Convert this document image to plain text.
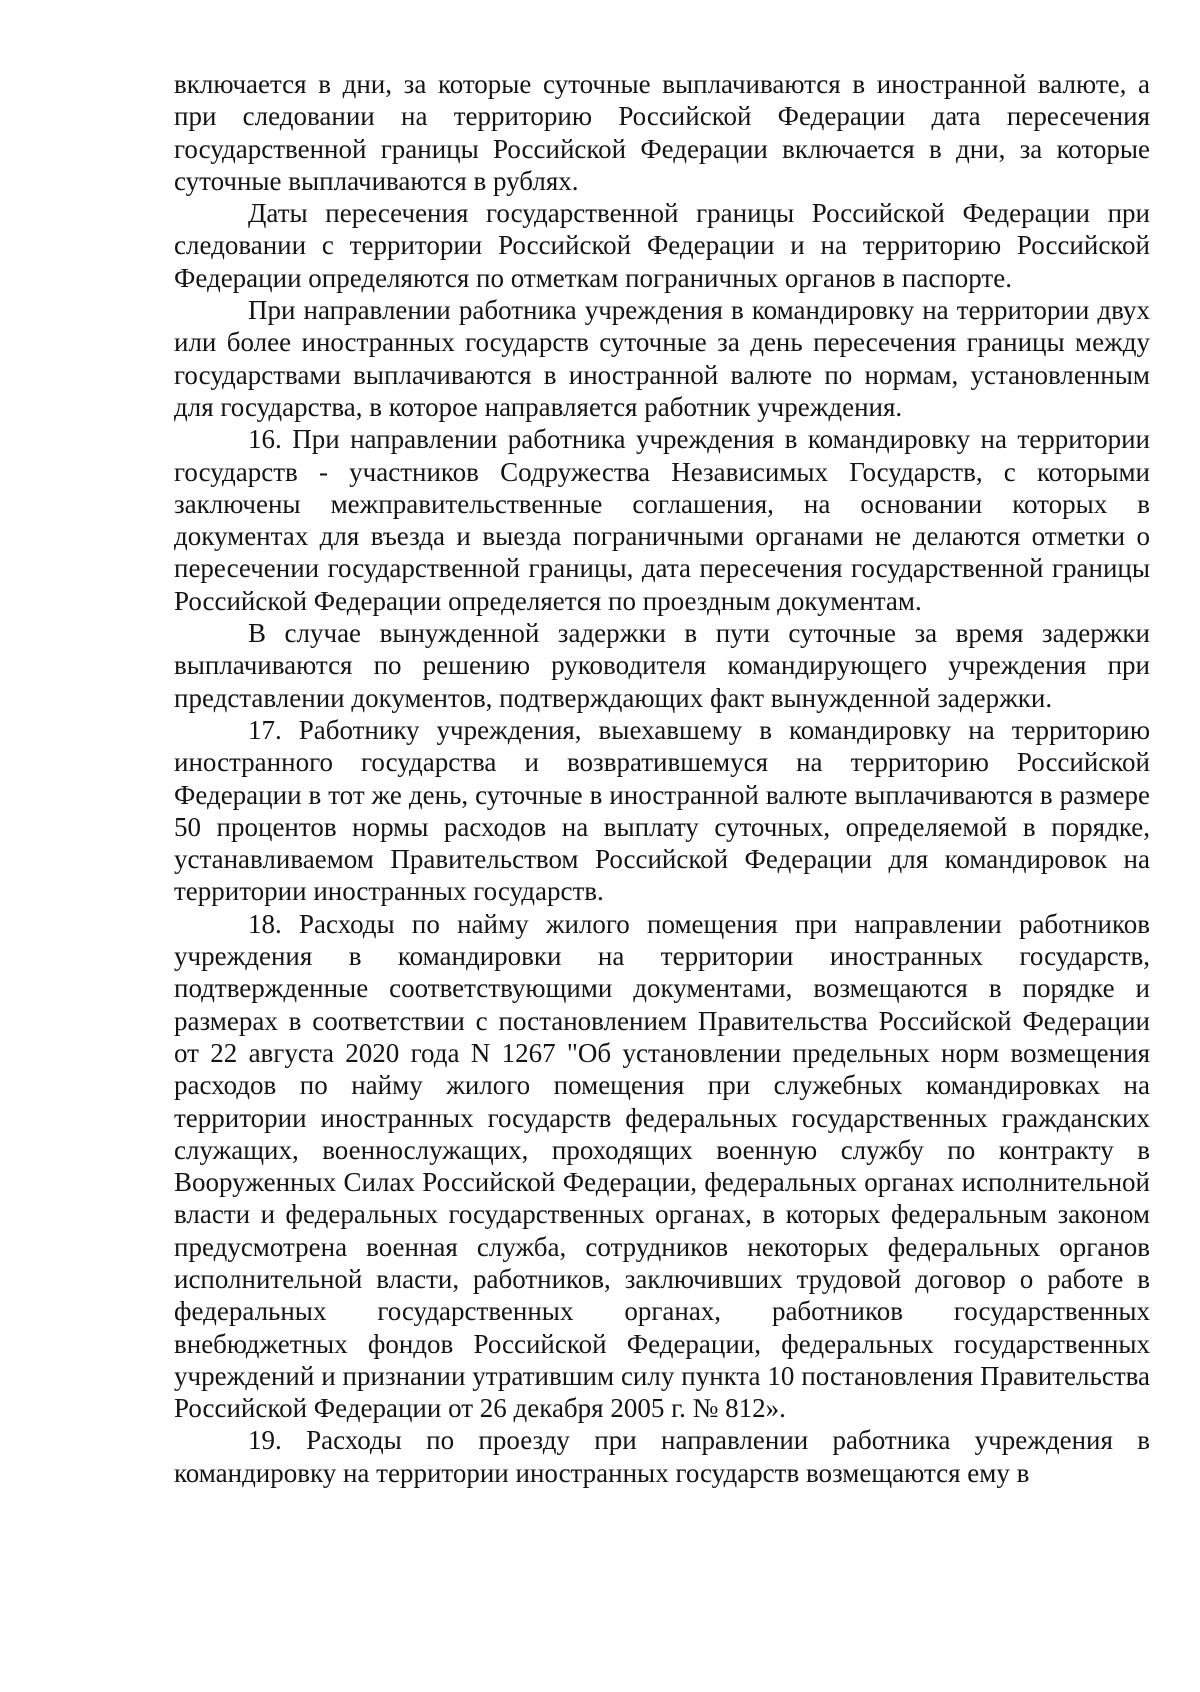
включается в дни, за которые суточные выплачиваются в иностранной валюте, а при следовании на территорию Российской Федерации дата пересечения государственной границы Российской Федерации включается в дни, за которые суточные выплачиваются в рублях.

Даты пересечения государственной границы Российской Федерации при следовании с территории Российской Федерации и на территорию Российской Федерации определяются по отметкам пограничных органов в паспорте.

При направлении работника учреждения в командировку на территории двух или более иностранных государств суточные за день пересечения границы между государствами выплачиваются в иностранной валюте по нормам, установленным для государства, в которое направляется работник учреждения.

16. При направлении работника учреждения в командировку на территории государств - участников Содружества Независимых Государств, с которыми заключены межправительственные соглашения, на основании которых в документах для въезда и выезда пограничными органами не делаются отметки о пересечении государственной границы, дата пересечения государственной границы Российской Федерации определяется по проездным документам.

В случае вынужденной задержки в пути суточные за время задержки выплачиваются по решению руководителя командирующего учреждения при представлении документов, подтверждающих факт вынужденной задержки.

17. Работнику учреждения, выехавшему в командировку на территорию иностранного государства и возвратившемуся на территорию Российской Федерации в тот же день, суточные в иностранной валюте выплачиваются в размере 50 процентов нормы расходов на выплату суточных, определяемой в порядке, устанавливаемом Правительством Российской Федерации для командировок на территории иностранных государств.

18. Расходы по найму жилого помещения при направлении работников учреждения в командировки на территории иностранных государств, подтвержденные соответствующими документами, возмещаются в порядке и размерах в соответствии с постановлением Правительства Российской Федерации от 22 августа 2020 года N 1267 "Об установлении предельных норм возмещения расходов по найму жилого помещения при служебных командировках на территории иностранных государств федеральных государственных гражданских служащих, военнослужащих, проходящих военную службу по контракту в Вооруженных Силах Российской Федерации, федеральных органах исполнительной власти и федеральных государственных органах, в которых федеральным законом предусмотрена военная служба, сотрудников некоторых федеральных органов исполнительной власти, работников, заключивших трудовой договор о работе в федеральных государственных органах, работников государственных внебюджетных фондов Российской Федерации, федеральных государственных учреждений и признании утратившим силу пункта 10 постановления Правительства Российской Федерации от 26 декабря 2005 г. № 812».

19. Расходы по проезду при направлении работника учреждения в командировку на территории иностранных государств возмещаются ему в
